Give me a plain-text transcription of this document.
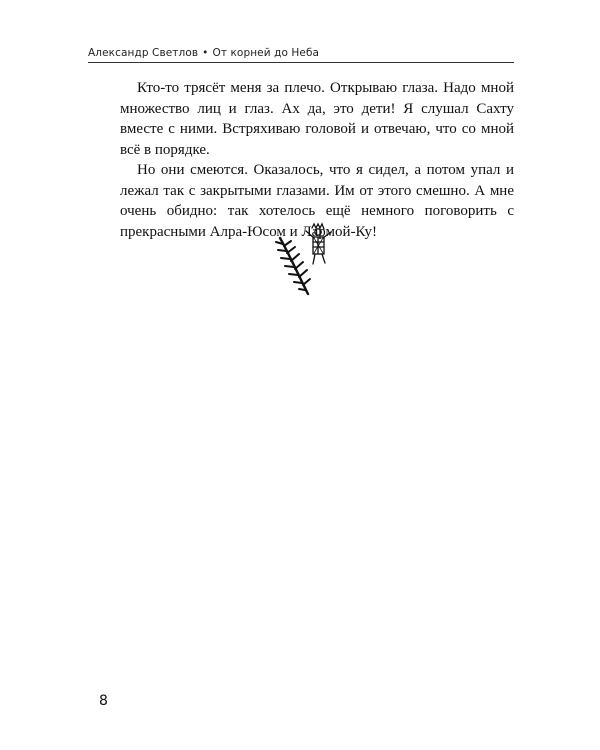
Александр Светлов • От корней до Неба

Кто-то трясёт меня за плечо. Открываю глаза. Надо мной множество лиц и глаз. Ах да, это дети! Я слушал Сахту вместе с ними. Встряхиваю головой и отвечаю, что со мной всё в порядке.

Но они смеются. Оказалось, что я сидел, а потом упал и лежал так с закрытыми глазами. Им от этого смешно. А мне очень обидно: так хотелось ещё немного поговорить с прекрасными Алра-Юсом и Лармой-Ку!

8
